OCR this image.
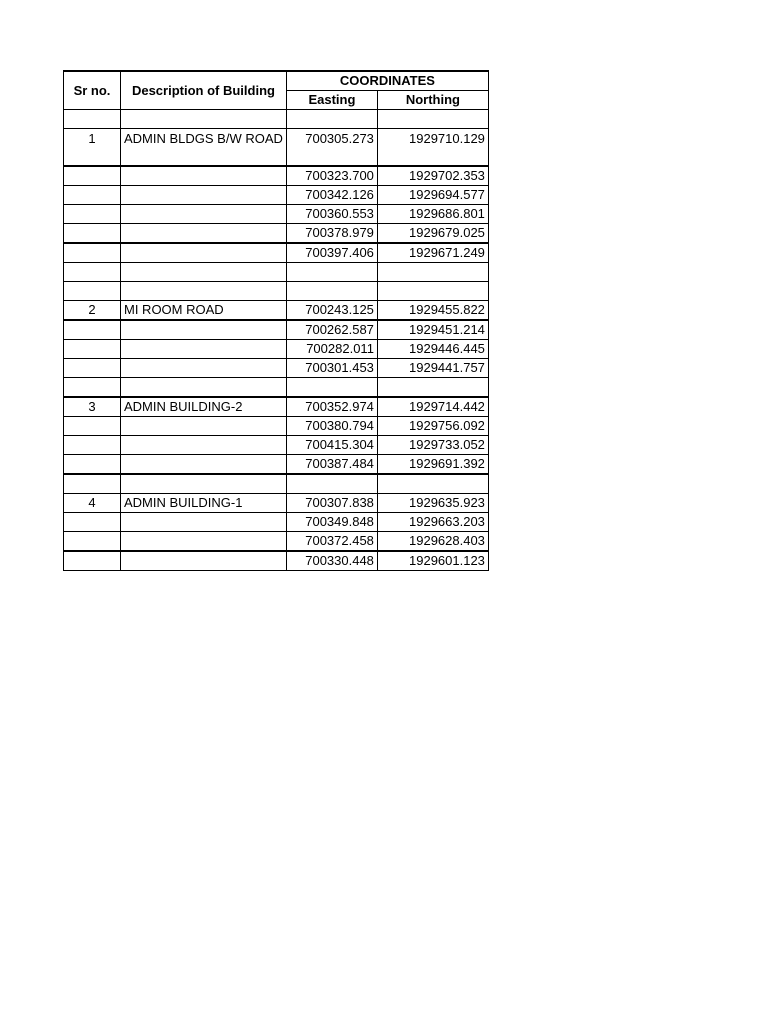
Sr no.	Description of Building	COORDINATES	
		Easting	Northing

1	ADMIN BLDGS B/W ROAD	700305.273	1929710.129
		700323.700	1929702.353
		700342.126	1929694.577
		700360.553	1929686.801
		700378.979	1929679.025
		700397.406	1929671.249

2	MI ROOM ROAD	700243.125	1929455.822
		700262.587	1929451.214
		700282.011	1929446.445
		700301.453	1929441.757

3	ADMIN BUILDING-2	700352.974	1929714.442
		700380.794	1929756.092
		700415.304	1929733.052
		700387.484	1929691.392

4	ADMIN BUILDING-1	700307.838	1929635.923
		700349.848	1929663.203
		700372.458	1929628.403
		700330.448	1929601.123
